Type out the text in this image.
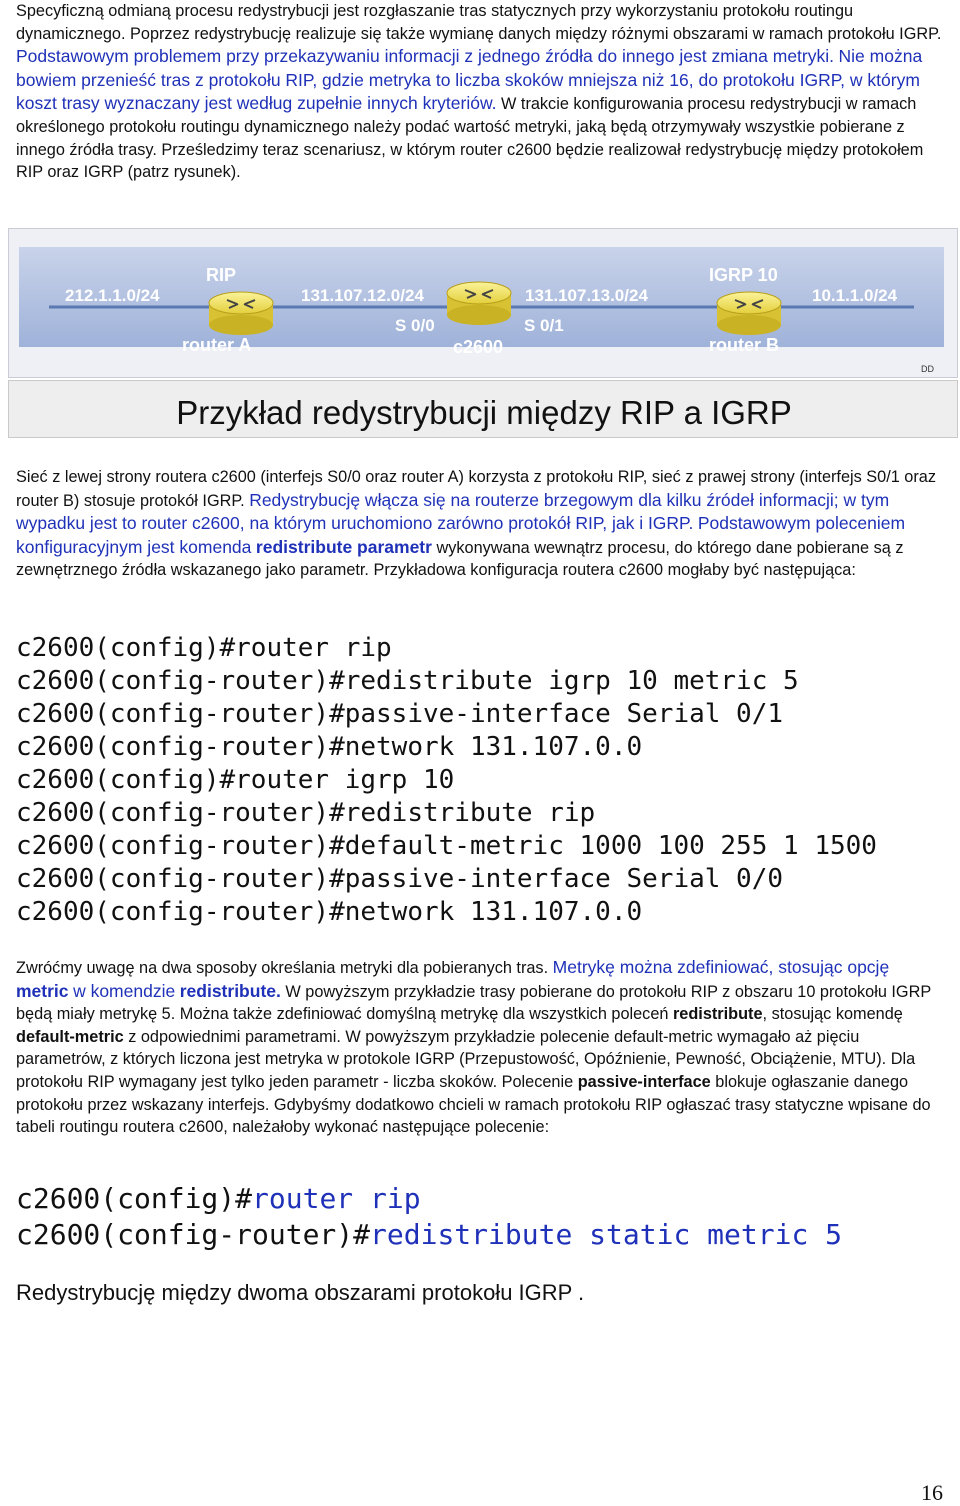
Specyficzną odmianą procesu redystrybucji jest rozgłaszanie tras statycznych przy wykorzystaniu protokołu routingu dynamicznego. Poprzez redystrybucję realizuje się także wymianę danych między różnymi obszarami w ramach protokołu IGRP. Podstawowym problemem przy przekazywaniu informacji z jednego źródła do innego jest zmiana metryki. Nie można bowiem przenieść tras z protokołu RIP, gdzie metryka to liczba skoków mniejsza niż 16, do protokołu IGRP, w którym koszt trasy wyznaczany jest według zupełnie innych kryteriów. W trakcie konfigurowania procesu redystrybucji w ramach określonego protokołu routingu dynamicznego należy podać wartość metryki, jaką będą otrzymywały wszystkie pobierane z innego źródła trasy. Prześledzimy teraz scenariusz, w którym router c2600 będzie realizował redystrybucję między protokołem RIP oraz IGRP (patrz rysunek).
RIP	IGRP 10
212.1.1.0/24	131.107.12.0/24	131.107.13.0/24	10.1.1.0/24
S 0/0	S 0/1
router A	c2600	router B
DD
Przykład redystrybucji między RIP a IGRP
Sieć z lewej strony routera c2600 (interfejs S0/0 oraz router A) korzysta z protokołu RIP, sieć z prawej strony (interfejs S0/1 oraz router B) stosuje protokół IGRP. Redystrybucję włącza się na routerze brzegowym dla kilku źródeł informacji; w tym wypadku jest to router c2600, na którym uruchomiono zarówno protokół RIP, jak i IGRP. Podstawowym poleceniem konfiguracyjnym jest komenda redistribute parametr wykonywana wewnątrz procesu, do którego dane pobierane są z zewnętrznego źródła wskazanego jako parametr. Przykładowa konfiguracja routera c2600 mogłaby być następująca:
c2600(config)#router rip
c2600(config-router)#redistribute igrp 10 metric 5
c2600(config-router)#passive-interface Serial 0/1
c2600(config-router)#network 131.107.0.0
c2600(config)#router igrp 10
c2600(config-router)#redistribute rip
c2600(config-router)#default-metric 1000 100 255 1 1500
c2600(config-router)#passive-interface Serial 0/0
c2600(config-router)#network 131.107.0.0
Zwróćmy uwagę na dwa sposoby określania metryki dla pobieranych tras. Metrykę można zdefiniować, stosując opcję metric w komendzie redistribute. W powyższym przykładzie trasy pobierane do protokołu RIP z obszaru 10 protokołu IGRP będą miały metrykę 5. Można także zdefiniować domyślną metrykę dla wszystkich poleceń redistribute, stosując komendę default-metric z odpowiednimi parametrami. W powyższym przykładzie polecenie default-metric wymagało aż pięciu parametrów, z których liczona jest metryka w protokole IGRP (Przepustowość, Opóźnienie, Pewność, Obciążenie, MTU). Dla protokołu RIP wymagany jest tylko jeden parametr - liczba skoków. Polecenie passive-interface blokuje ogłaszanie danego protokołu przez wskazany interfejs. Gdybyśmy dodatkowo chcieli w ramach protokołu RIP ogłaszać trasy statyczne wpisane do tabeli routingu routera c2600, należałoby wykonać następujące polecenie:
c2600(config)#router rip
c2600(config-router)#redistribute static metric 5
Redystrybucję między dwoma obszarami protokołu IGRP .
16
